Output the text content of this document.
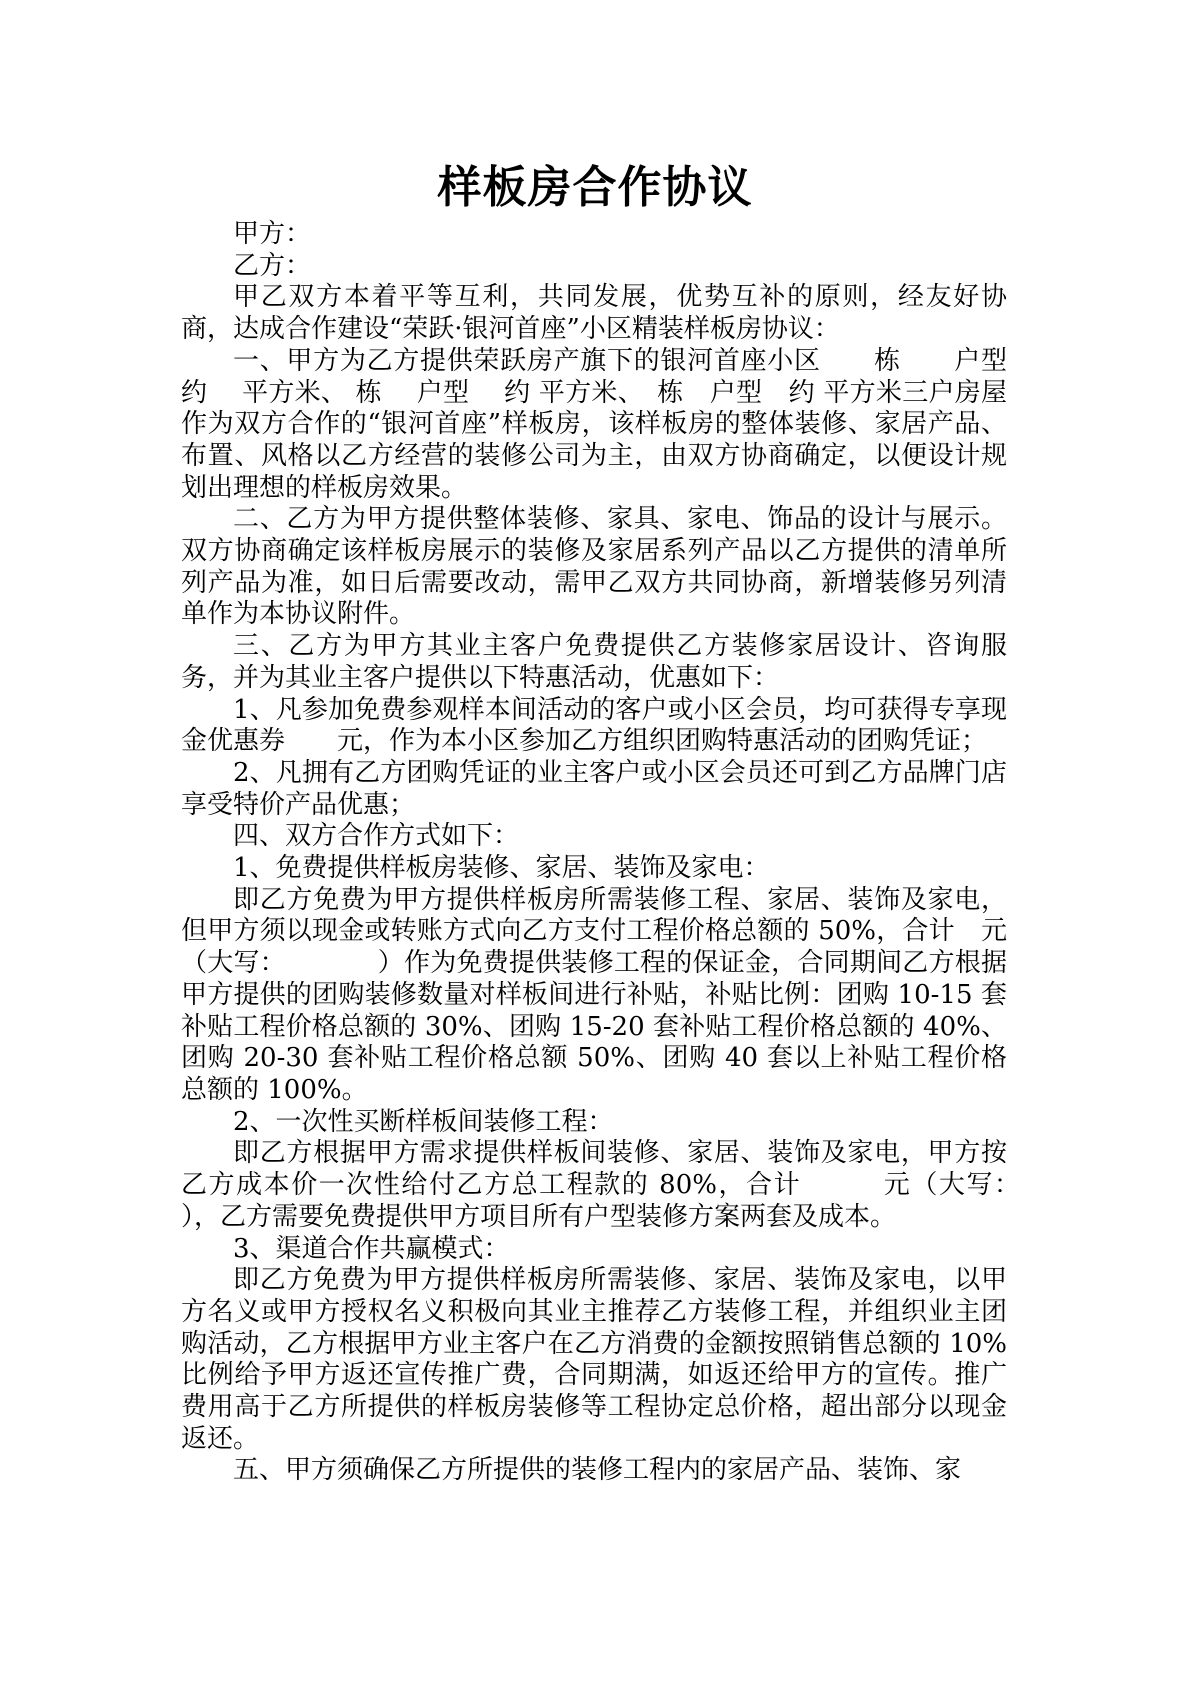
样板房合作协议

甲方：

乙方：

甲乙双方本着平等互利，共同发展，优势互补的原则，经友好协商，达成合作建设“荣跃·银河首座”小区精装样板房协议：

一、甲方为乙方提供荣跃房产旗下的银河首座小区　　栋　　户型约　 平方米、 栋 　户型 　约 平方米、　栋　户型　约 平方米三户房屋作为双方合作的“银河首座”样板房，该样板房的整体装修、家居产品、布置、风格以乙方经营的装修公司为主，由双方协商确定，以便设计规划出理想的样板房效果。

二、乙方为甲方提供整体装修、家具、家电、饰品的设计与展示。双方协商确定该样板房展示的装修及家居系列产品以乙方提供的清单所列产品为准，如日后需要改动，需甲乙双方共同协商，新增装修另列清单作为本协议附件。

三、乙方为甲方其业主客户免费提供乙方装修家居设计、咨询服务，并为其业主客户提供以下特惠活动，优惠如下：

1、凡参加免费参观样本间活动的客户或小区会员，均可获得专享现金优惠券　　元，作为本小区参加乙方组织团购特惠活动的团购凭证；

2、凡拥有乙方团购凭证的业主客户或小区会员还可到乙方品牌门店享受特价产品优惠；

四、双方合作方式如下：

1、免费提供样板房装修、家居、装饰及家电：

即乙方免费为甲方提供样板房所需装修工程、家居、装饰及家电，但甲方须以现金或转账方式向乙方支付工程价格总额的 50%，合计　元（大写：　　　　）作为免费提供装修工程的保证金，合同期间乙方根据甲方提供的团购装修数量对样板间进行补贴，补贴比例：团购 10-15 套补贴工程价格总额的 30%、团购 15-20 套补贴工程价格总额的 40%、团购 20-30 套补贴工程价格总额 50%、团购 40 套以上补贴工程价格总额的 100%。

2、一次性买断样板间装修工程：

即乙方根据甲方需求提供样板间装修、家居、装饰及家电，甲方按乙方成本价一次性给付乙方总工程款的 80%，合计　　　元（大写：　　　　），乙方需要免费提供甲方项目所有户型装修方案两套及成本。

3、渠道合作共赢模式：

即乙方免费为甲方提供样板房所需装修、家居、装饰及家电，以甲方名义或甲方授权名义积极向其业主推荐乙方装修工程，并组织业主团购活动，乙方根据甲方业主客户在乙方消费的金额按照销售总额的 10%比例给予甲方返还宣传推广费，合同期满，如返还给甲方的宣传。推广费用高于乙方所提供的样板房装修等工程协定总价格，超出部分以现金返还。

五、甲方须确保乙方所提供的装修工程内的家居产品、装饰、家
